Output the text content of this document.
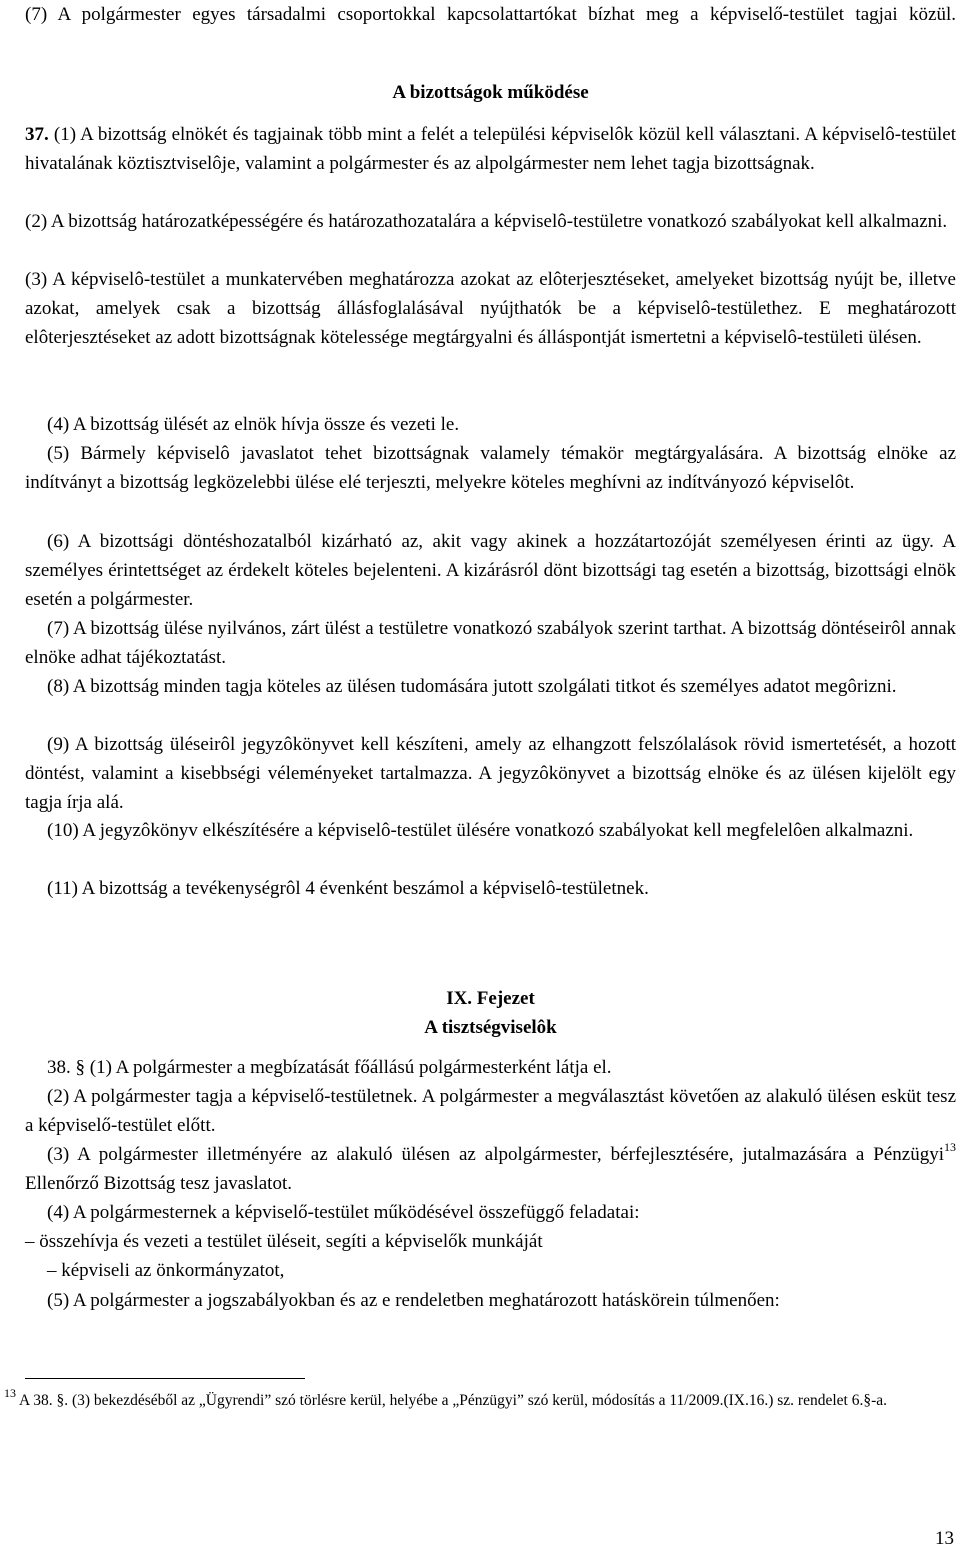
(7) A polgármester egyes társadalmi csoportokkal kapcsolattartókat bízhat meg a képviselő-testület tagjai közül.
A bizottságok működése
37. (1) A bizottság elnökét és tagjainak több mint a felét a települési képviselôk közül kell választani. A képviselô-testület hivatalának köztisztviselôje, valamint a polgármester és az alpolgármester nem lehet tagja bizottságnak.
(2) A bizottság határozatképességére és határozathozatalára a képviselô-testületre vonatkozó szabályokat kell alkalmazni.
(3) A képviselô-testület a munkatervében meghatározza azokat az elôterjesztéseket, amelyeket bizottság nyújt be, illetve azokat, amelyek csak a bizottság állásfoglalásával nyújthatók be a képviselô-testülethez. E meghatározott elôterjesztéseket az adott bizottságnak kötelessége megtárgyalni és álláspontját ismertetni a képviselô-testületi ülésen.
(4) A bizottság ülését az elnök hívja össze és vezeti le.
(5) Bármely képviselô javaslatot tehet bizottságnak valamely témakör megtárgyalására. A bizottság elnöke az indítványt a bizottság legközelebbi ülése elé terjeszti, melyekre köteles meghívni az indítványozó képviselôt.
(6) A bizottsági döntéshozatalból kizárható az, akit vagy akinek a hozzátartozóját személyesen érinti az ügy. A személyes érintettséget az érdekelt köteles bejelenteni. A kizárásról dönt bizottsági tag esetén a bizottság, bizottsági elnök esetén a polgármester.
(7) A bizottság ülése nyilvános, zárt ülést a testületre vonatkozó szabályok szerint tarthat. A bizottság döntéseirôl annak elnöke adhat tájékoztatást.
(8) A bizottság minden tagja köteles az ülésen tudomására jutott szolgálati titkot és személyes adatot megôrizni.
(9) A bizottság üléseirôl jegyzôkönyvet kell készíteni, amely az elhangzott felszólalások rövid ismertetését, a hozott döntést, valamint a kisebbségi véleményeket tartalmazza. A jegyzôkönyvet a bizottság elnöke és az ülésen kijelölt egy tagja írja alá.
(10) A jegyzôkönyv elkészítésére a képviselô-testület ülésére vonatkozó szabályokat kell megfelelôen alkalmazni.
(11) A bizottság a tevékenységrôl 4 évenként beszámol a képviselô-testületnek.
IX. Fejezet
A tisztségviselôk
38. § (1) A polgármester a megbízatását főállású polgármesterként látja el.
(2) A polgármester tagja a képviselő-testületnek. A polgármester a megválasztást követően az alakuló ülésen esküt tesz a képviselő-testület előtt.
(3) A polgármester illetményére az alakuló ülésen az alpolgármester, bérfejlesztésére, jutalmazására a Pénzügyi$^{13}$ Ellenőrző Bizottság tesz javaslatot.
(4) A polgármesternek a képviselő-testület működésével összefüggő feladatai:
– összehívja és vezeti a testület üléseit, segíti a képviselők munkáját
– képviseli az önkormányzatot,
(5) A polgármester a jogszabályokban és az e rendeletben meghatározott hatáskörein túlmenően:
$^{13}$ A 38. §. (3) bekezdéséből az „Ügyrendi” szó törlésre kerül, helyébe a „Pénzügyi” szó kerül, módosítás a 11/2009.(IX.16.) sz. rendelet 6.§-a.
13
